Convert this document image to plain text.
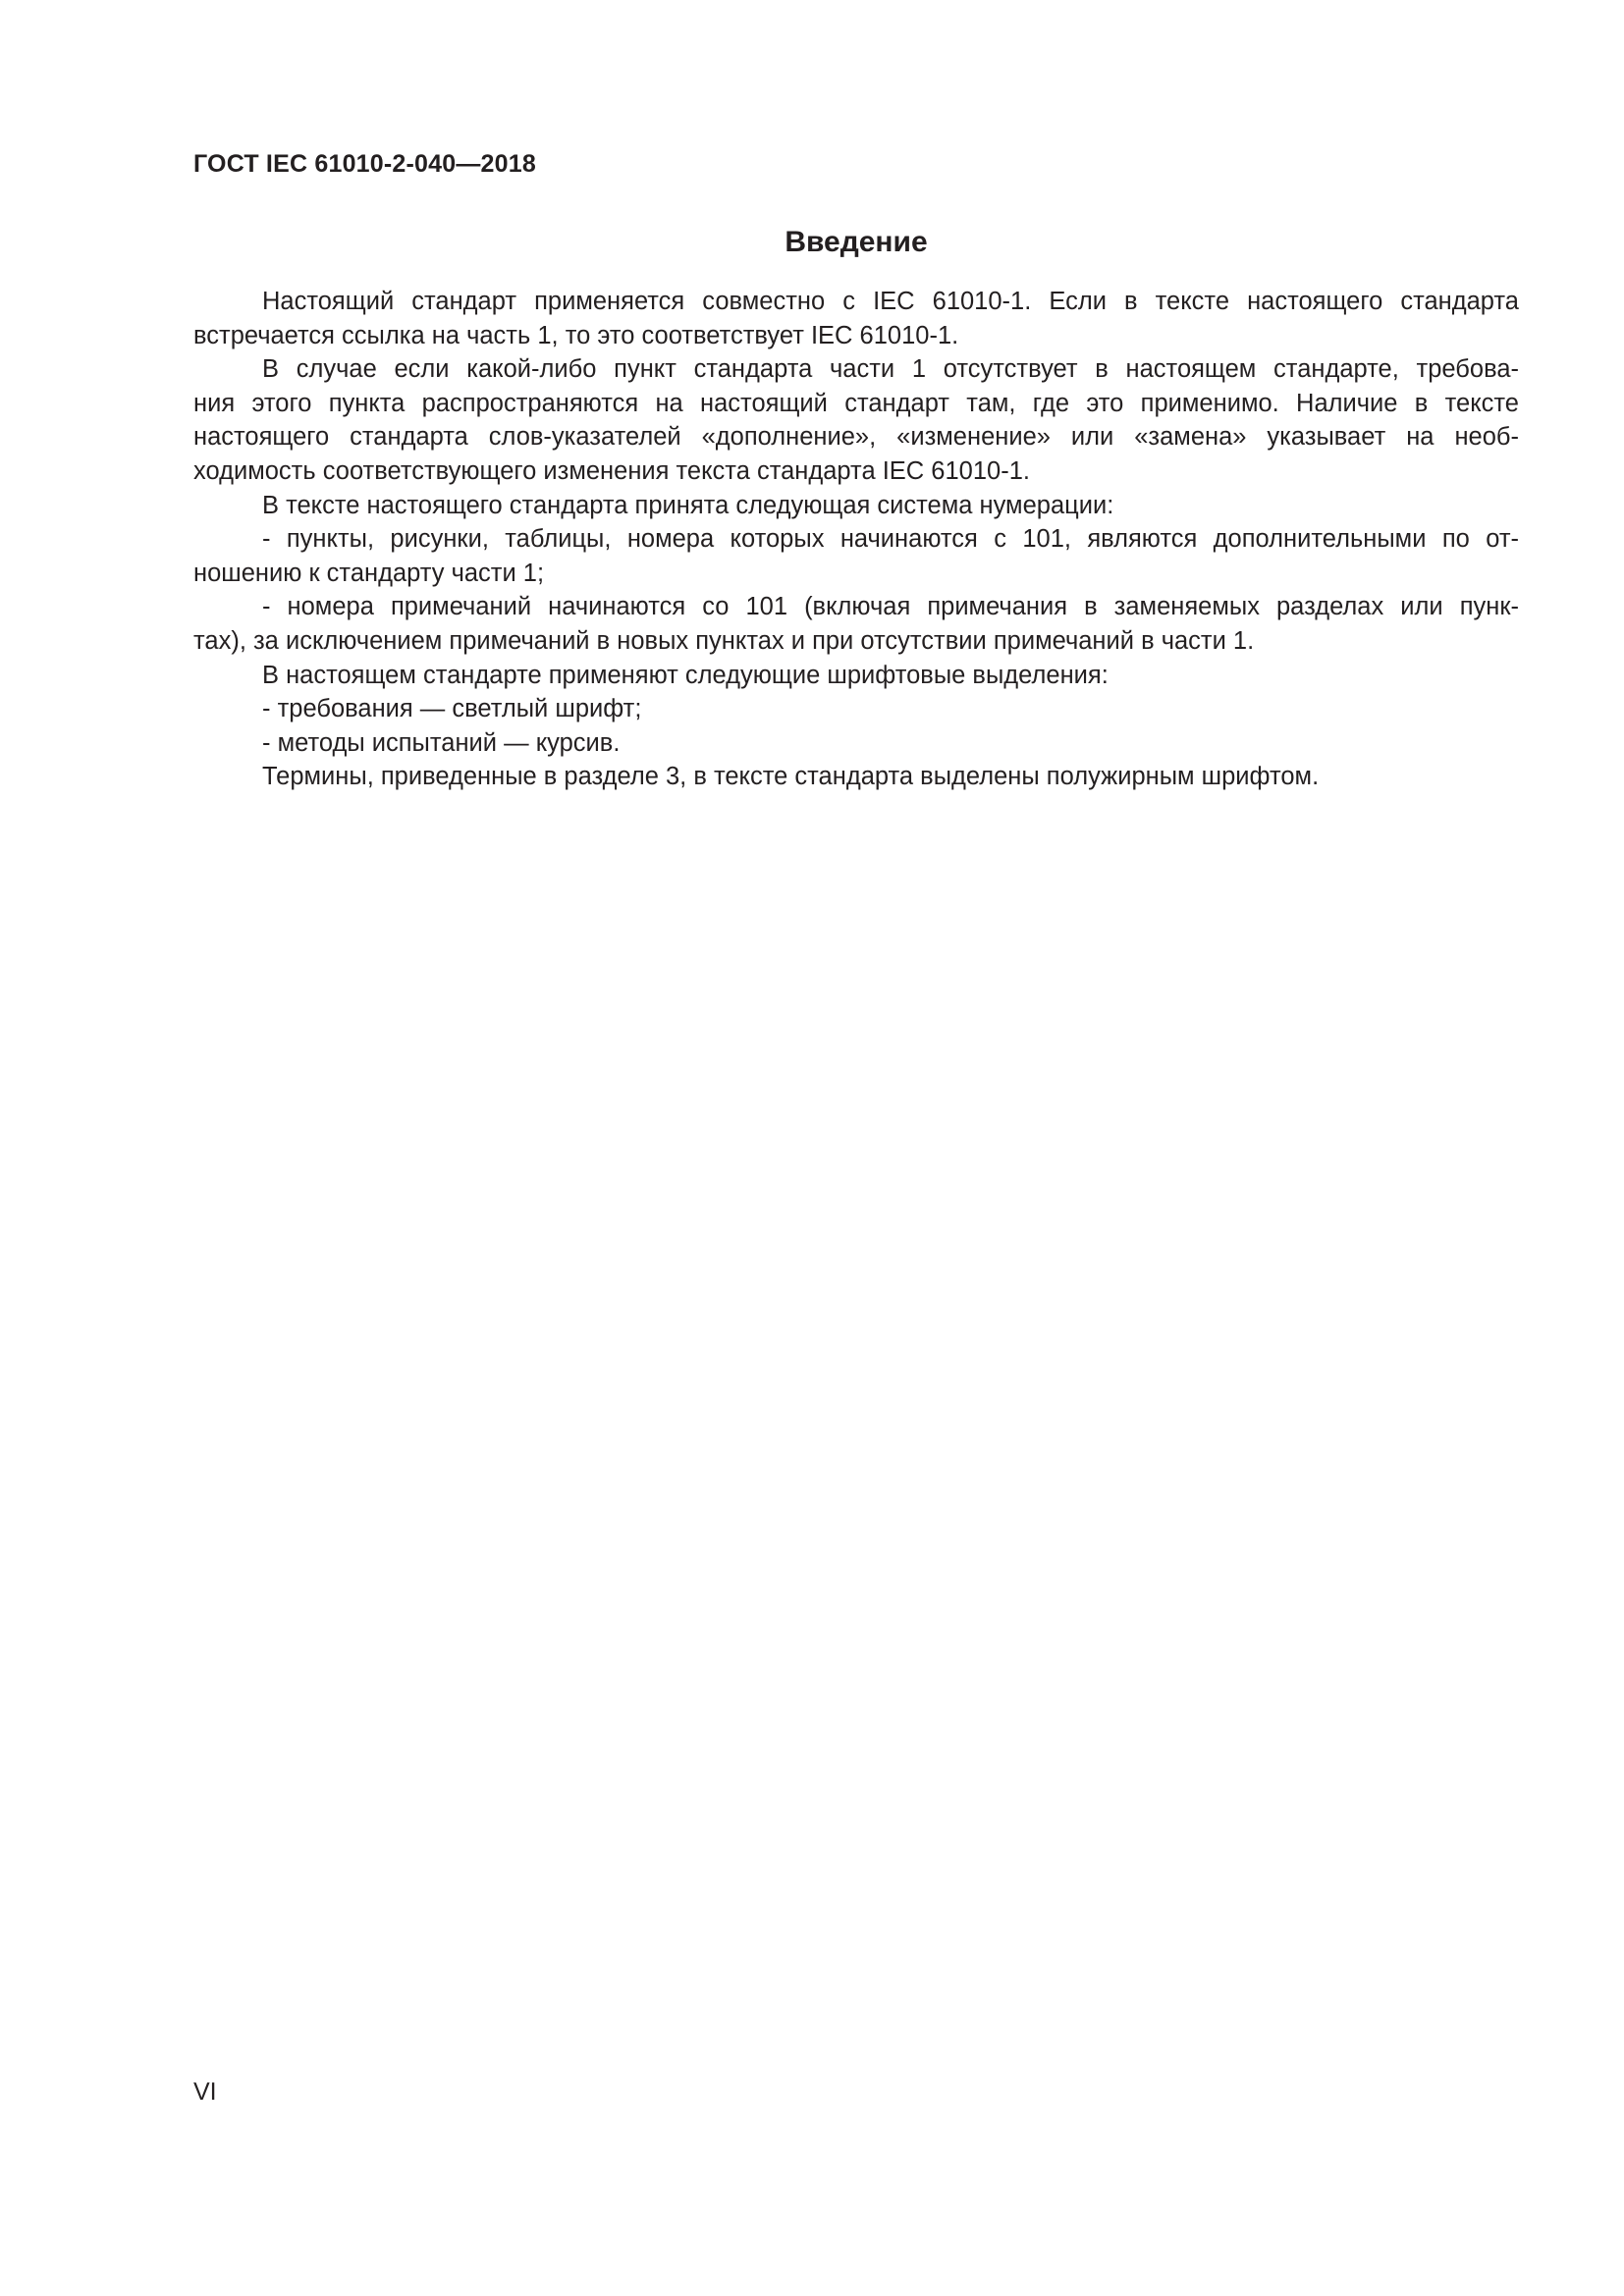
ГОСТ IEC 61010-2-040—2018
Введение
Настоящий стандарт применяется совместно с IEC 61010-1. Если в тексте настоящего стандарта
встречается ссылка на часть 1, то это соответствует IEC 61010-1.
В случае если какой-либо пункт стандарта части 1 отсутствует в настоящем стандарте, требова-
ния этого пункта распространяются на настоящий стандарт там, где это применимо. Наличие в тексте
настоящего стандарта слов-указателей «дополнение», «изменение» или «замена» указывает на необ-
ходимость соответствующего изменения текста стандарта IEC 61010-1.
В тексте настоящего стандарта принята следующая система нумерации:
- пункты, рисунки, таблицы, номера которых начинаются с 101, являются дополнительными по от-
ношению к стандарту части 1;
- номера примечаний начинаются со 101 (включая примечания в заменяемых разделах или пунк-
тах), за исключением примечаний в новых пунктах и при отсутствии примечаний в части 1.
В настоящем стандарте применяют следующие шрифтовые выделения:
- требования — светлый шрифт;
- методы испытаний — курсив.
Термины, приведенные в разделе 3, в тексте стандарта выделены полужирным шрифтом.
VI
